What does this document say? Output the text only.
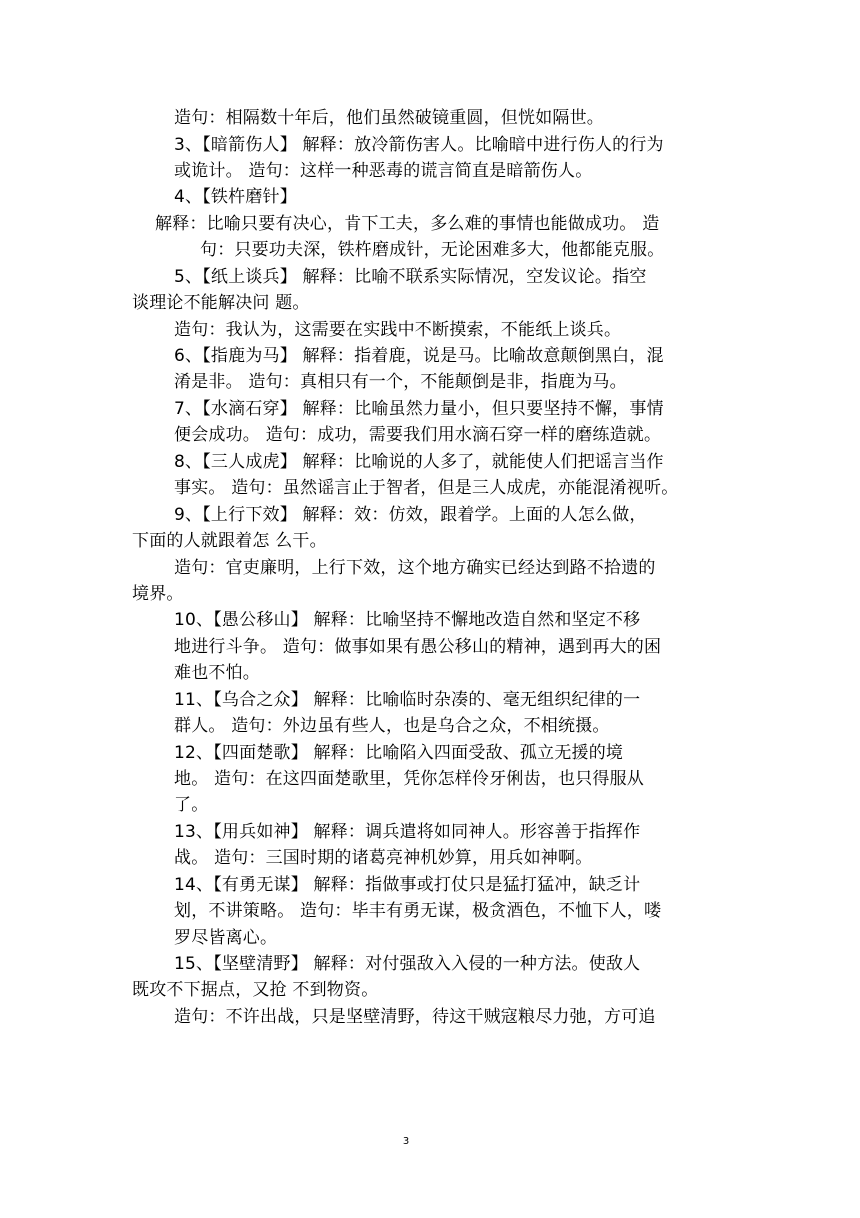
造句：相隔数十年后，他们虽然破镜重圆，但恍如隔世。
3、【暗箭伤人】 解释：放冷箭伤害人。比喻暗中进行伤人的行为
或诡计。 造句：这样一种恶毒的谎言简直是暗箭伤人。
4、【铁杵磨针】
解释：比喻只要有决心，肯下工夫，多么难的事情也能做成功。 造
句：只要功夫深，铁杵磨成针，无论困难多大，他都能克服。
5、【纸上谈兵】 解释：比喻不联系实际情况，空发议论。指空
谈理论不能解决问 题。
造句：我认为，这需要在实践中不断摸索，不能纸上谈兵。
6、【指鹿为马】 解释：指着鹿，说是马。比喻故意颠倒黑白，混
淆是非。 造句：真相只有一个，不能颠倒是非，指鹿为马。
7、【水滴石穿】 解释：比喻虽然力量小，但只要坚持不懈，事情
便会成功。 造句：成功，需要我们用水滴石穿一样的磨练造就。
8、【三人成虎】 解释：比喻说的人多了，就能使人们把谣言当作
事实。 造句：虽然谣言止于智者，但是三人成虎，亦能混淆视听。
9、【上行下效】 解释：效：仿效，跟着学。上面的人怎么做，
下面的人就跟着怎 么干。
造句：官吏廉明，上行下效，这个地方确实已经达到路不拾遗的
境界。
10、【愚公移山】 解释：比喻坚持不懈地改造自然和坚定不移
地进行斗争。 造句：做事如果有愚公移山的精神，遇到再大的困
难也不怕。
11、【乌合之众】 解释：比喻临时杂凑的、毫无组织纪律的一
群人。 造句：外边虽有些人，也是乌合之众，不相统摄。
12、【四面楚歌】 解释：比喻陷入四面受敌、孤立无援的境
地。 造句：在这四面楚歌里，凭你怎样伶牙俐齿，也只得服从
了。
13、【用兵如神】 解释：调兵遣将如同神人。形容善于指挥作
战。 造句：三国时期的诸葛亮神机妙算，用兵如神啊。
14、【有勇无谋】 解释：指做事或打仗只是猛打猛冲，缺乏计
划，不讲策略。 造句：毕丰有勇无谋，极贪酒色，不恤下人，喽
罗尽皆离心。
15、【坚壁清野】 解释：对付强敌入入侵的一种方法。使敌人
既攻不下据点，又抢 不到物资。
造句：不许出战，只是坚壁清野，待这干贼寇粮尽力弛，方可追
3
